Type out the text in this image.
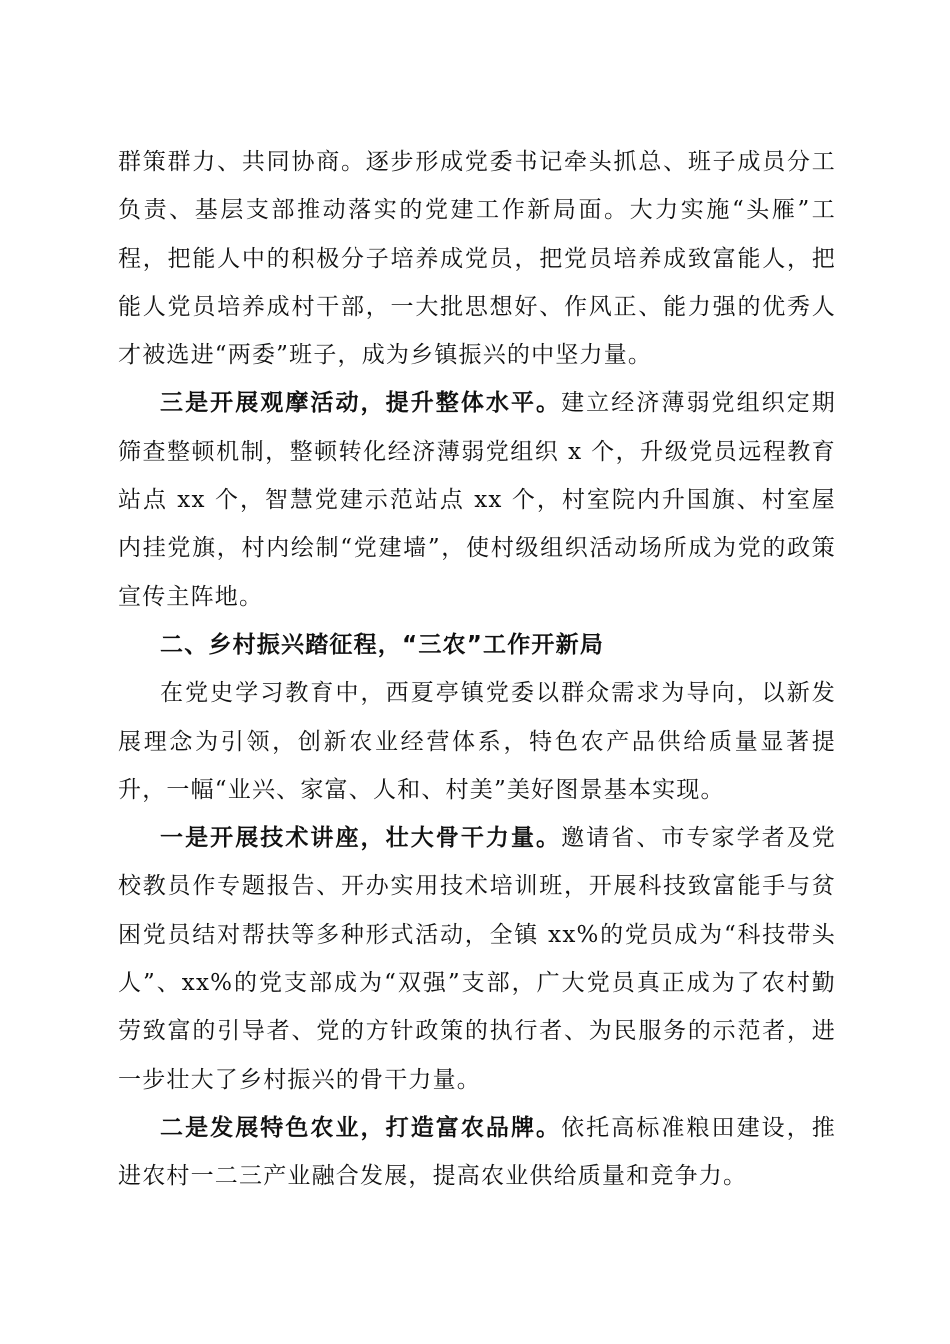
群策群力、共同协商。逐步形成党委书记牵头抓总、班子成员分工负责、基层支部推动落实的党建工作新局面。大力实施“头雁”工程，把能人中的积极分子培养成党员，把党员培养成致富能人，把能人党员培养成村干部，一大批思想好、作风正、能力强的优秀人才被选进“两委”班子，成为乡镇振兴的中坚力量。

三是开展观摩活动，提升整体水平。建立经济薄弱党组织定期筛查整顿机制，整顿转化经济薄弱党组织 x 个，升级党员远程教育站点 xx 个，智慧党建示范站点 xx 个，村室院内升国旗、村室屋内挂党旗，村内绘制“党建墙”，使村级组织活动场所成为党的政策宣传主阵地。

二、乡村振兴踏征程，“三农”工作开新局

在党史学习教育中，西夏亭镇党委以群众需求为导向，以新发展理念为引领，创新农业经营体系，特色农产品供给质量显著提升，一幅“业兴、家富、人和、村美”美好图景基本实现。

一是开展技术讲座，壮大骨干力量。邀请省、市专家学者及党校教员作专题报告、开办实用技术培训班，开展科技致富能手与贫困党员结对帮扶等多种形式活动，全镇 xx%的党员成为“科技带头人”、xx%的党支部成为“双强”支部，广大党员真正成为了农村勤劳致富的引导者、党的方针政策的执行者、为民服务的示范者，进一步壮大了乡村振兴的骨干力量。

二是发展特色农业，打造富农品牌。依托高标准粮田建设，推进农村一二三产业融合发展，提高农业供给质量和竞争力。
